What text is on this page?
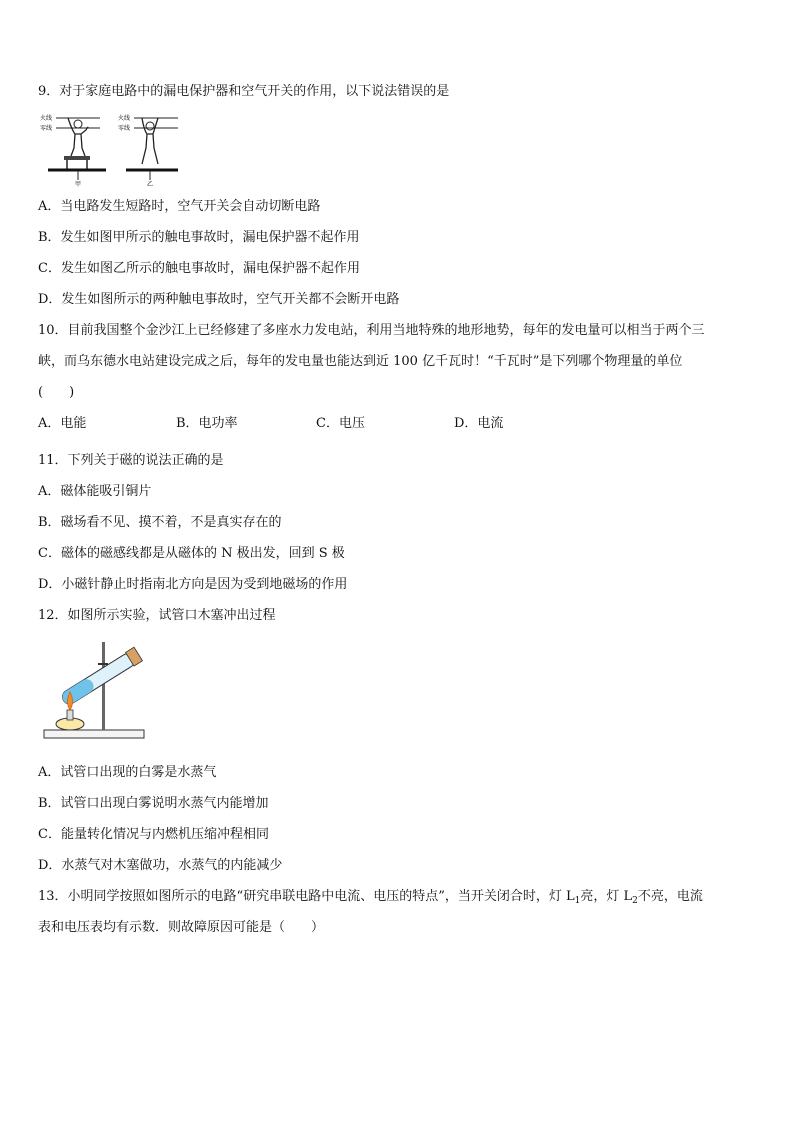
9．对于家庭电路中的漏电保护器和空气开关的作用，以下说法错误的是
火线
零线
甲
火线
零线
乙
A．当电路发生短路时，空气开关会自动切断电路
B．发生如图甲所示的触电事故时，漏电保护器不起作用
C．发生如图乙所示的触电事故时，漏电保护器不起作用
D．发生如图所示的两种触电事故时，空气开关都不会断开电路
10．目前我国整个金沙江上已经修建了多座水力发电站，利用当地特殊的地形地势，每年的发电量可以相当于两个三
峡，而乌东德水电站建设完成之后，每年的发电量也能达到近 100 亿千瓦时！“千瓦时”是下列哪个物理量的单位
(　　)
A．电能	B．电功率	C．电压	D．电流
11．下列关于磁的说法正确的是
A．磁体能吸引铜片
B．磁场看不见、摸不着，不是真实存在的
C．磁体的磁感线都是从磁体的 N 极出发，回到 S 极
D．小磁针静止时指南北方向是因为受到地磁场的作用
12．如图所示实验，试管口木塞冲出过程
A．试管口出现的白雾是水蒸气
B．试管口出现白雾说明水蒸气内能增加
C．能量转化情况与内燃机压缩冲程相同
D．水蒸气对木塞做功，水蒸气的内能减少
13．小明同学按照如图所示的电路“研究串联电路中电流、电压的特点”，当开关闭合时，灯 $L_1$亮，灯 $L_2$不亮，电流
表和电压表均有示数．则故障原因可能是（　　）
